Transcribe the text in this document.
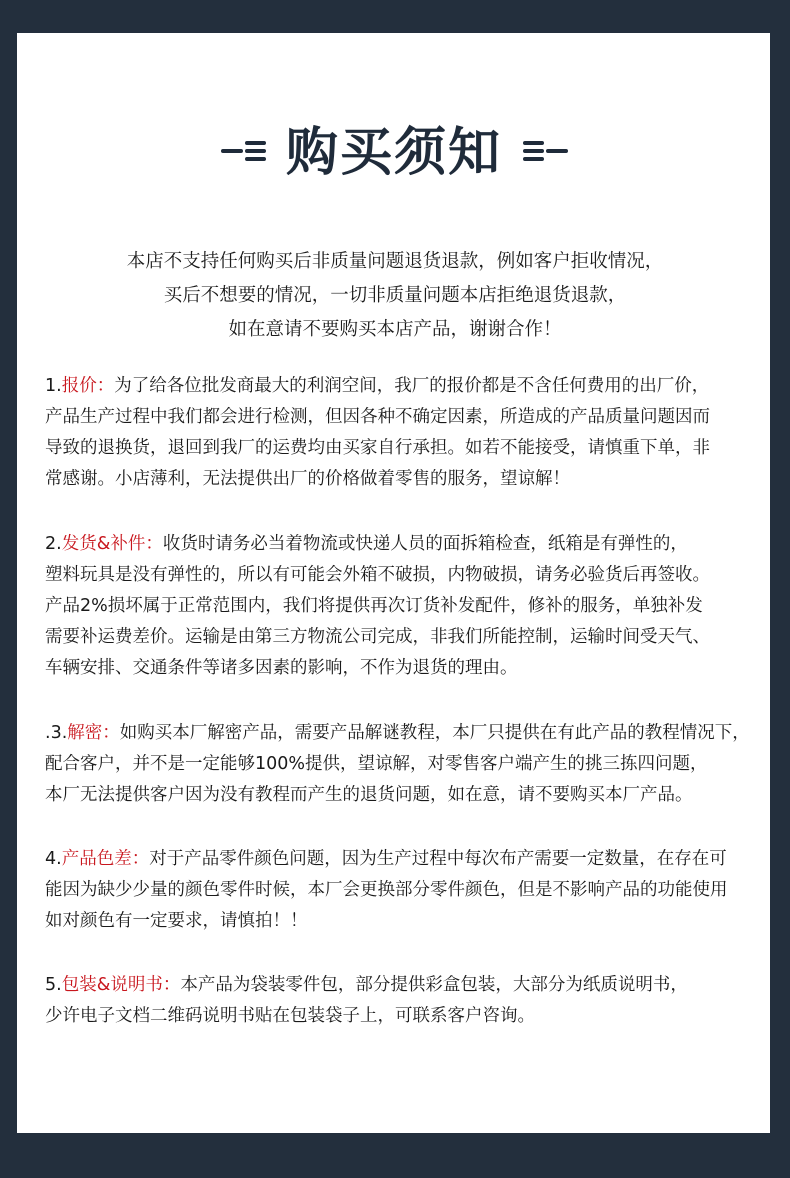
购买须知
本店不支持任何购买后非质量问题退货退款，例如客户拒收情况，
买后不想要的情况，一切非质量问题本店拒绝退货退款，
如在意请不要购买本店产品，谢谢合作！
1.报价：为了给各位批发商最大的利润空间，我厂的报价都是不含任何费用的出厂价，
产品生产过程中我们都会进行检测，但因各种不确定因素，所造成的产品质量问题因而
导致的退换货，退回到我厂的运费均由买家自行承担。如若不能接受，请慎重下单，非
常感谢。小店薄利，无法提供出厂的价格做着零售的服务，望谅解！
2.发货&补件：收货时请务必当着物流或快递人员的面拆箱检查，纸箱是有弹性的，
塑料玩具是没有弹性的，所以有可能会外箱不破损，内物破损，请务必验货后再签收。
产品2%损坏属于正常范围内，我们将提供再次订货补发配件，修补的服务，单独补发
需要补运费差价。运输是由第三方物流公司完成，非我们所能控制，运输时间受天气、
车辆安排、交通条件等诸多因素的影响，不作为退货的理由。
.3.解密：如购买本厂解密产品，需要产品解谜教程，本厂只提供在有此产品的教程情况下，
配合客户，并不是一定能够100%提供，望谅解，对零售客户端产生的挑三拣四问题，
本厂无法提供客户因为没有教程而产生的退货问题，如在意，请不要购买本厂产品。
4.产品色差：对于产品零件颜色问题，因为生产过程中每次布产需要一定数量，在存在可
能因为缺少少量的颜色零件时候，本厂会更换部分零件颜色，但是不影响产品的功能使用
如对颜色有一定要求，请慎拍！！
5.包装&说明书：本产品为袋装零件包，部分提供彩盒包装，大部分为纸质说明书，
少许电子文档二维码说明书贴在包装袋子上，可联系客户咨询。
